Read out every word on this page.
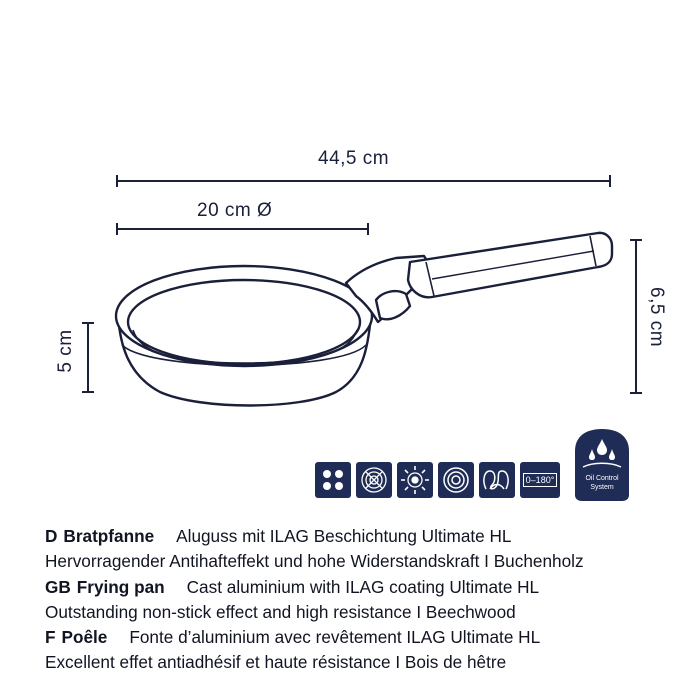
44,5 cm
20 cm Ø
5 cm
6,5 cm
0–180°	Oil Control
System
D Bratpfanne Aluguss mit ILAG Beschichtung Ultimate HL
Hervorragender Antihafteffekt und hohe Widerstandskraft I Buchenholz
GB Frying pan Cast aluminium with ILAG coating Ultimate HL
Outstanding non-stick effect and high resistance I Beechwood
F Poêle Fonte d’aluminium avec revêtement ILAG Ultimate HL
Excellent effet antiadhésif et haute résistance I Bois de hêtre
